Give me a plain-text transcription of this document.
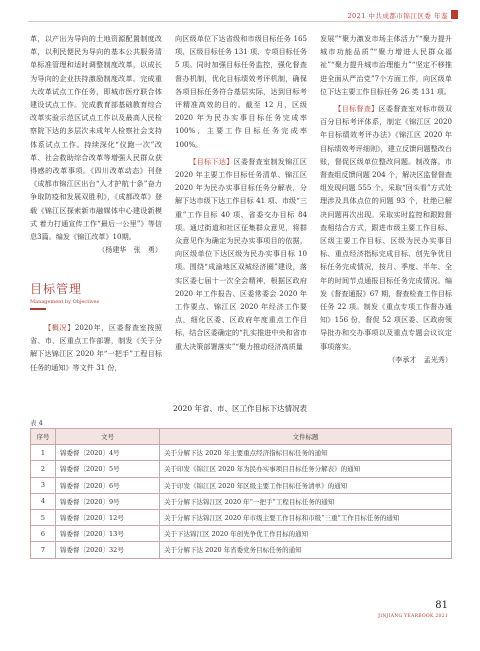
2021 中共成都市锦江区委 年鉴

革，以产出为导向的土地资源配置制度改革，以利民便民为导向的基本公共服务清单标准管理和适时调整制度改革，以成长为导向的企业扶持激励制度改革。完成重大改革试点工作任务，即城市医疗联合体建设试点工作。完成教育部基础教育综合改革实验示范区试点工作以及最高人民检察院下达的多层次未成年人检察社会支持体系试点工作。持续深化“仪跑一次”改革、社会救助综合改革等增强人民群众获得感的改革事项。《四川改革动态》刊登《成都市锦江区出台“人才护航十条”奋力争取防疫和发展双胜利》，《成都改革》登载《锦江区探索新市融媒体中心建设新模式 着力打通宣传工作“最后一公里”》等信息3篇。编发《锦江改革》10期。

（杨建华　张　勇）

目标管理
Management by Objectives

【概况】2020年，区委督查室按照省、市、区重点工作部署，制发《关于分解下达锦江区 2020 年“一把手”工程目标任务的通知》等文件 31 份，

向区级单位下达省级和市级目标任务 165 项、区级目标任务 131 项、专项目标任务 5 项。同时加强目标任务监控，强化督查督办机制，优化目标绩效考评机制，确保各项目标任务符合基层实际，达到目标考评精准高效的目的。截至 12 月，区级 2020 年为民办实事目标任务完成率 100%，主要工作目标任务完成率 100%。

【目标下达】区委督查室制发锦江区 2020 年主要工作目标任务清单、锦江区 2020 年为民办实事目标任务分解表，分解下达市级下达工作目标 41 项、市级“三重”工作目标 40 项、省委交办目标 84 项。通过街道和社区征集群众意见，将群众意见作为确定为民办实事项目的依据，向区级单位下达区级为民办实事目标 10 项。围绕“成渝地区双城经济圈”建设，落实区委七届十一次全会精神，根据区政府 2020 年工作报告、区委常委会 2020 年工作要点、锦江区 2020 年经济工作要点，细化区委、区政府年度重点工作目标，结合区委确定的“扎实推进中央和省市重大决策部署落实”“聚力推动经济高质量

发展”“聚力激发市场主体活力”“聚力提升城市功能品质”“聚力增进人民群众福祉”“聚力提升城市治理能力”“坚定不移推进全面从严治党”7个方面工作，向区级单位下达主要工作目标任务 26 类 131 项。

【目标督查】区委督查室对标市级双百分目标考评体系，制定《锦江区 2020 年目标绩效考评办法》《锦江区 2020 年目标绩效考评细则》，建立反馈问题整改台账，督促区级单位整改问题。制改落。市督查组反馈问题 204 个，解决区监督督查组发现问题 555 个。采取“回头看”方式处理涉及具体点位的问题 93 个，杜绝已解决问题再次出现。采取实时监控和跟踪督查相结合方式，跟进市级主要工作目标、区级主要工作目标、区级为民办实事目标、重点经济指标完成目标、创先争优目标任务完成情况，按月、季度、半年、全年的时间节点通报目标任务完成情况。编发《督查通报》67 期，督查检查工作目标任务 22 项。制发《重点专项工作督办通知》156 份，督促 52 项区委、区政府领导批办和交办事项以及重点专题会议议定事项落实。

（李承才　孟光秀）

2020 年省、市、区工作目标下达情况表
表 4
序号	文号	文件标题
1	锦委督〔2020〕4号	关于分解下达 2020 年主要重点经济指标目标任务的通知
2	锦委督〔2020〕5号	关于印发《锦江区 2020 年为民办实事项目目标任务分解表》的通知
3	锦委督〔2020〕6号	关于印发《锦江区 2020 年区级主要工作目标任务清单》的通知
4	锦委督〔2020〕9号	关于分解下达锦江区 2020 年“一把手”工程目标任务的通知
5	锦委督〔2020〕12号	关于分解下达锦江区 2020 年市级主要工作目标和市级“三重”工作目标任务的通知
6	锦委督〔2020〕13号	关于下达锦江区 2020 年创先争优工作目标的通知
7	锦委督〔2020〕32号	关于分解下达 2020 年省委党务目标任务的通知
81
JINJIANG YEARBOOK 2021
